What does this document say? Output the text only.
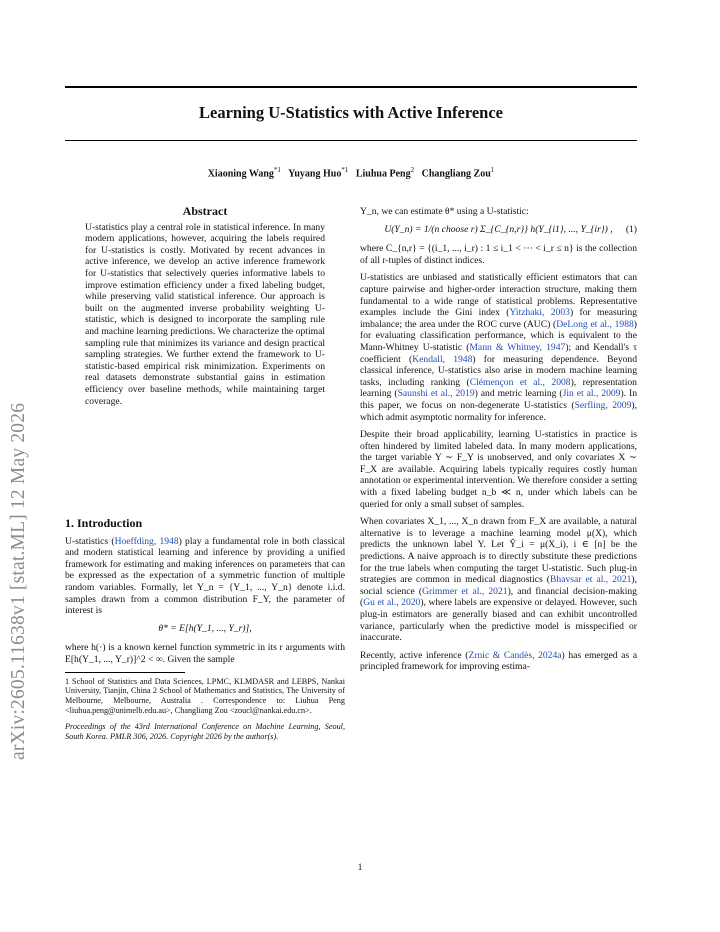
arXiv:2605.11638v1 [stat.ML] 12 May 2026
Learning U-Statistics with Active Inference
Xiaoning Wang$^{*1}$ Yuyang Huo$^{*1}$ Liuhua Peng$^2$ Changliang Zou$^1$
Abstract

U-statistics play a central role in statistical inference. In many modern applications, however, acquiring the labels required for U-statistics is costly. Motivated by recent advances in active inference, we develop an active inference framework for U-statistics that selectively queries informative labels to improve estimation efficiency under a fixed labeling budget, while preserving valid statistical inference. Our approach is built on the augmented inverse probability weighting U-statistic, which is designed to incorporate the sampling rule and machine learning predictions. We characterize the optimal sampling rule that minimizes its variance and design practical sampling strategies. We further extend the framework to U-statistic-based empirical risk minimization. Experiments on real datasets demonstrate substantial gains in estimation efficiency over baseline methods, while maintaining target coverage.

1. Introduction

U-statistics (Hoeffding, 1948) play a fundamental role in both classical and modern statistical learning and inference by providing a unified framework for estimating and making inferences on parameters that can be expressed as the expectation of a symmetric function of multiple random variables. Formally, let Y_n = {Y_1, ..., Y_n} denote i.i.d. samples drawn from a common distribution F_Y, the parameter of interest is

θ* = E[h(Y_1, ..., Y_r)],

where h(·) is a known kernel function symmetric in its r arguments with E[h(Y_1, ..., Y_r)]^2 < ∞. Given the sample

1 School of Statistics and Data Sciences, LPMC, KLMDASR and LEBPS, Nankai University, Tianjin, China 2 School of Mathematics and Statistics, The University of Melbourne, Melbourne, Australia . Correspondence to: Liuhua Peng <liuhua.peng@unimelb.edu.au>, Changliang Zou <zoucl@nankai.edu.cn>.

Proceedings of the 43rd International Conference on Machine Learning, Seoul, South Korea. PMLR 306, 2026. Copyright 2026 by the author(s).

Y_n, we can estimate θ* using a U-statistic:

U(Y_n) = 1/(n choose r) Σ_{C_{n,r}} h(Y_{i1}, ..., Y_{ir}) , (1)

where C_{n,r} = {(i_1, ..., i_r) : 1 ≤ i_1 < ··· < i_r ≤ n} is the collection of all r-tuples of distinct indices.

U-statistics are unbiased and statistically efficient estimators that can capture pairwise and higher-order interaction structure, making them fundamental to a wide range of statistical problems. Representative examples include the Gini index (Yitzhaki, 2003) for measuring imbalance; the area under the ROC curve (AUC) (DeLong et al., 1988) for evaluating classification performance, which is equivalent to the Mann-Whitney U-statistic (Mann & Whitney, 1947); and Kendall's τ coefficient (Kendall, 1948) for measuring dependence. Beyond classical inference, U-statistics also arise in modern machine learning tasks, including ranking (Clémençon et al., 2008), representation learning (Saunshi et al., 2019) and metric learning (Jin et al., 2009). In this paper, we focus on non-degenerate U-statistics (Serfling, 2009), which admit asymptotic normality for inference.

Despite their broad applicability, learning U-statistics in practice is often hindered by limited labeled data. In many modern applications, the target variable Y ∼ F_Y is unobserved, and only covariates X ∼ F_X are available. Acquiring labels typically requires costly human annotation or experimental intervention. We therefore consider a setting with a fixed labeling budget n_b ≪ n, under which labels can be queried for only a small subset of samples.

When covariates X_1, ..., X_n drawn from F_X are available, a natural alternative is to leverage a machine learning model μ(X), which predicts the unknown label Y. Let Ŷ_i = μ(X_i), i ∈ [n] be the predictions. A naive approach is to directly substitute these predictions for the true labels when computing the target U-statistic. Such plug-in strategies are common in medical diagnostics (Bhavsar et al., 2021), social science (Grimmer et al., 2021), and financial decision-making (Gu et al., 2020), where labels are expensive or delayed. However, such plug-in estimators are generally biased and can exhibit uncontrolled variance, particularly when the predictive model is misspecified or inaccurate.

Recently, active inference (Zrnic & Candès, 2024a) has emerged as a principled framework for improving estima-

1
